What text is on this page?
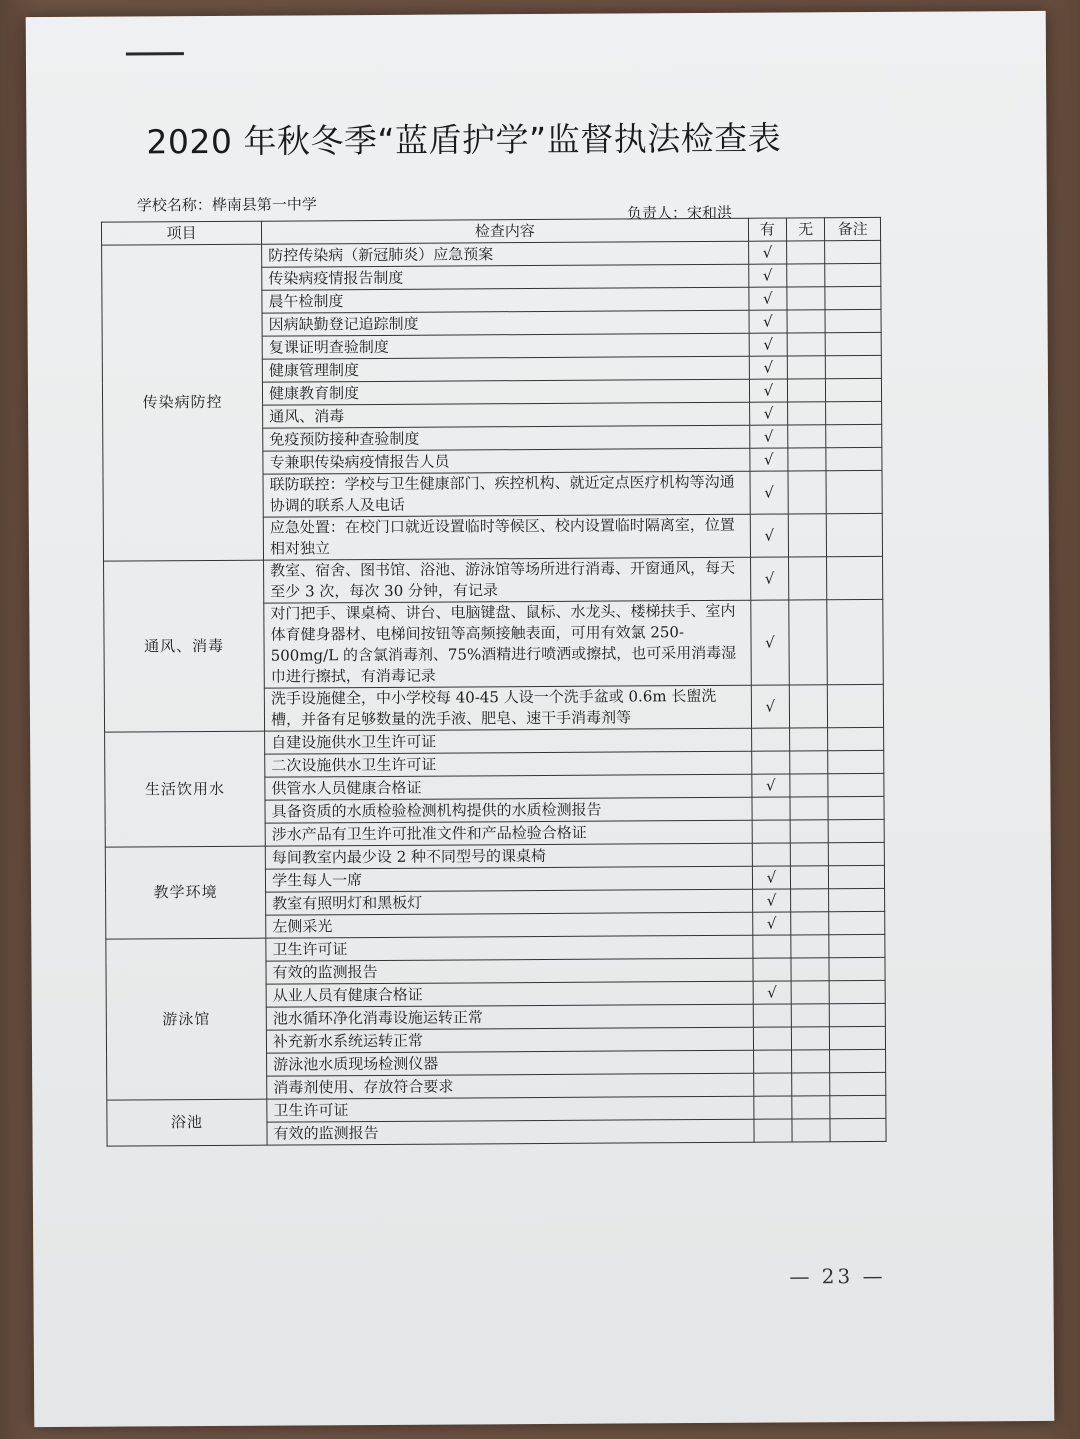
2020 年秋冬季“蓝盾护学”监督执法检查表
学校名称：桦南县第一中学	负责人：宋和洪
项目	检查内容	有	无	备注
传染病防控	防控传染病（新冠肺炎）应急预案	√		
	传染病疫情报告制度	√		
	晨午检制度	√		
	因病缺勤登记追踪制度	√		
	复课证明查验制度	√		
	健康管理制度	√		
	健康教育制度	√		
	通风、消毒	√		
	免疫预防接种查验制度	√		
	专兼职传染病疫情报告人员	√		
	联防联控：学校与卫生健康部门、疾控机构、就近定点医疗机构等沟通 协调的联系人及电话	√		
	应急处置：在校门口就近设置临时等候区、校内设置临时隔离室，位置相对独立	√		
通风、消毒	教室、宿舍、图书馆、浴池、游泳馆等场所进行消毒、开窗通风，每天至少 3 次，每次 30 分钟，有记录	√		
	对门把手、课桌椅、讲台、电脑键盘、鼠标、水龙头、楼梯扶手、室内体育健身器材、电梯间按钮等高频接触表面，可用有效氯 250-500mg/L 的含氯消毒剂、75%酒精进行喷洒或擦拭，也可采用消毒湿巾进行擦拭，有消毒记录	√		
	洗手设施健全，中小学校每 40-45 人设一个洗手盆或 0.6m 长盥洗槽，并备有足够数量的洗手液、肥皂、速干手消毒剂等	√		
生活饮用水	自建设施供水卫生许可证			
	二次设施供水卫生许可证			
	供管水人员健康合格证	√		
	具备资质的水质检验检测机构提供的水质检测报告			
	涉水产品有卫生许可批准文件和产品检验合格证			
教学环境	每间教室内最少设 2 种不同型号的课桌椅			
	学生每人一席	√		
	教室有照明灯和黑板灯	√		
	左侧采光	√		
游泳馆	卫生许可证			
	有效的监测报告			
	从业人员有健康合格证	√		
	池水循环净化消毒设施运转正常			
	补充新水系统运转正常			
	游泳池水质现场检测仪器			
	消毒剂使用、存放符合要求			
浴池	卫生许可证			
	有效的监测报告			
— 23 —
